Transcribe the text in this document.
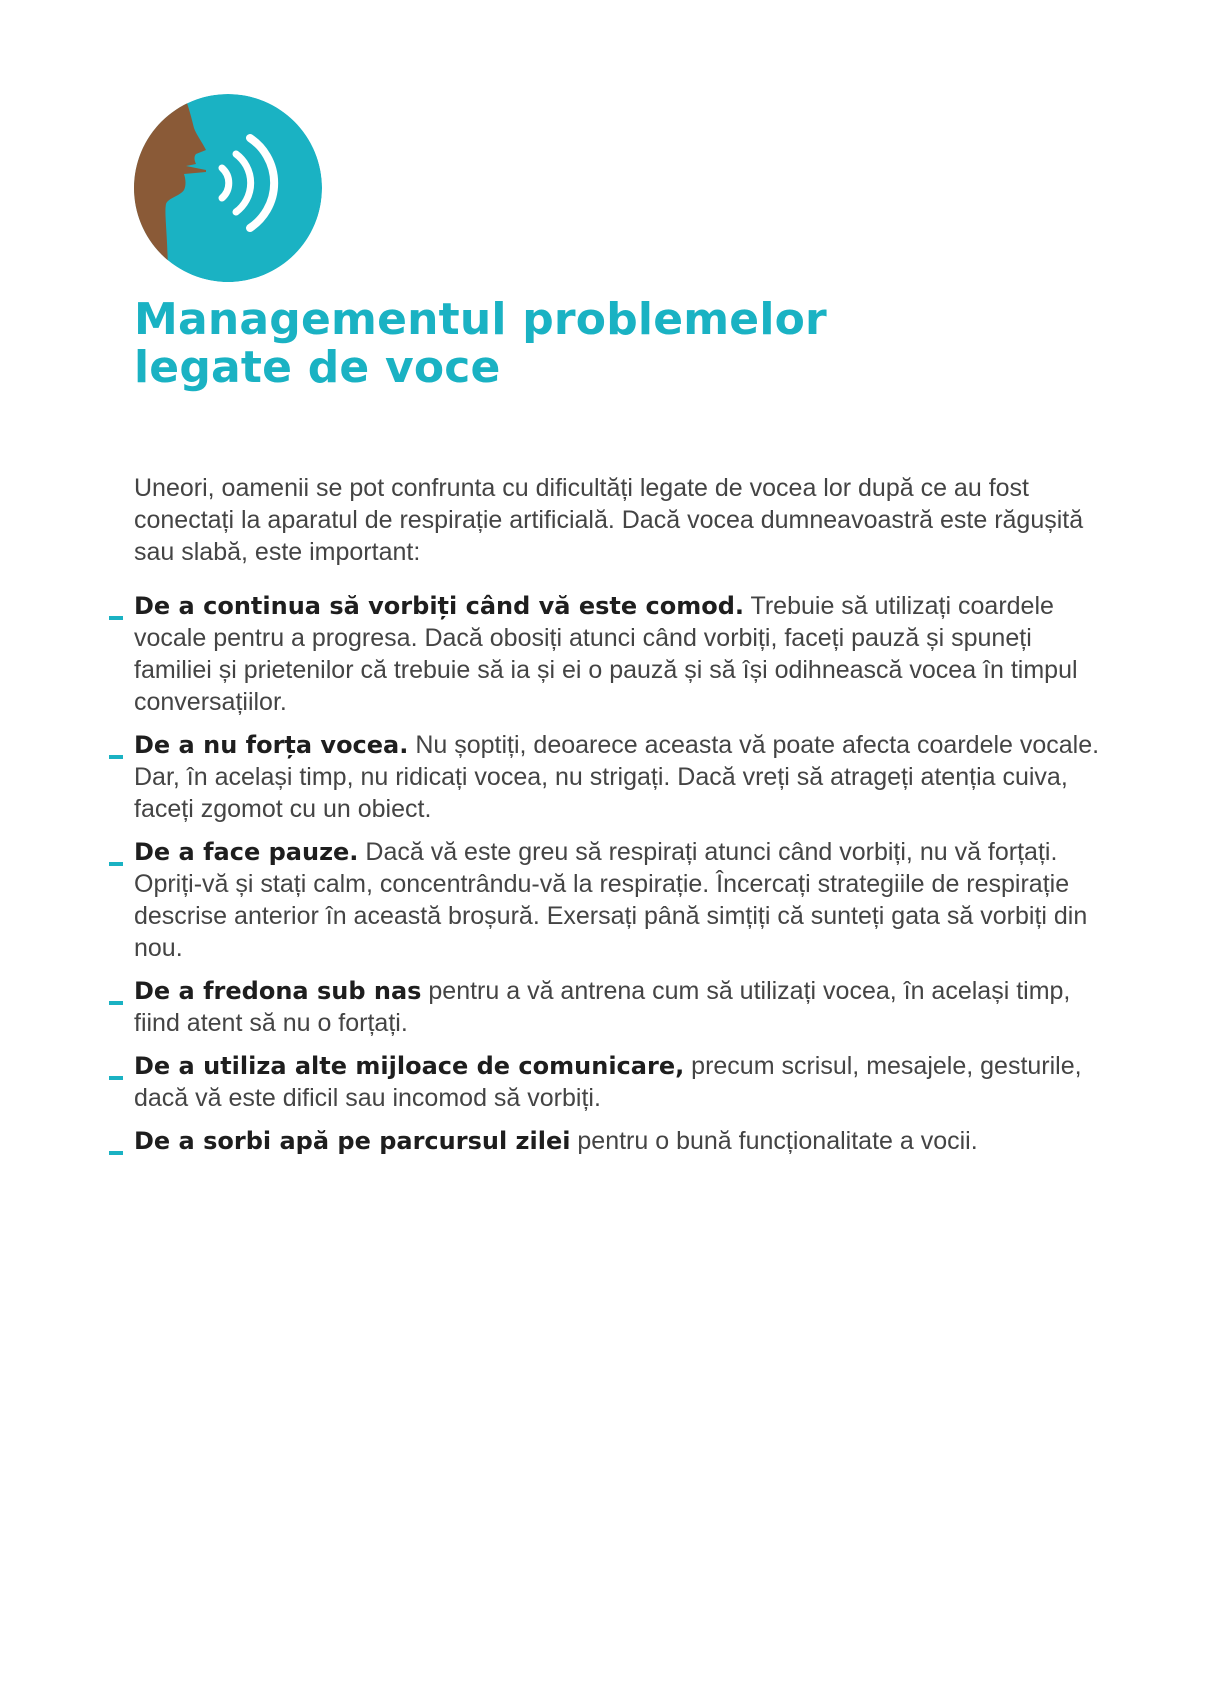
Managementul problemelor
legate de voce

Uneori, oamenii se pot confrunta cu dificultăți legate de vocea lor după ce au fost conectați la aparatul de respirație artificială. Dacă vocea dumneavoastră este răgușită sau slabă, este important:

De a continua să vorbiți când vă este comod. Trebuie să utilizați coardele vocale pentru a progresa. Dacă obosiți atunci când vorbiți, faceți pauză și spuneți familiei și prietenilor că trebuie să ia și ei o pauză și să își odihnească vocea în timpul conversațiilor.
De a nu forța vocea. Nu șoptiți, deoarece aceasta vă poate afecta coardele vocale. Dar, în același timp, nu ridicați vocea, nu strigați. Dacă vreți să atrageți atenția cuiva, faceți zgomot cu un obiect.
De a face pauze. Dacă vă este greu să respirați atunci când vorbiți, nu vă forțați. Opriți-vă și stați calm, concentrându-vă la respirație. Încercați strategiile de respirație descrise anterior în această broșură. Exersați până simțiți că sunteți gata să vorbiți din nou.
De a fredona sub nas pentru a vă antrena cum să utilizați vocea, în același timp, fiind atent să nu o forțați.
De a utiliza alte mijloace de comunicare, precum scrisul, mesajele, gesturile, dacă vă este dificil sau incomod să vorbiți.
De a sorbi apă pe parcursul zilei pentru o bună funcționalitate a vocii.
